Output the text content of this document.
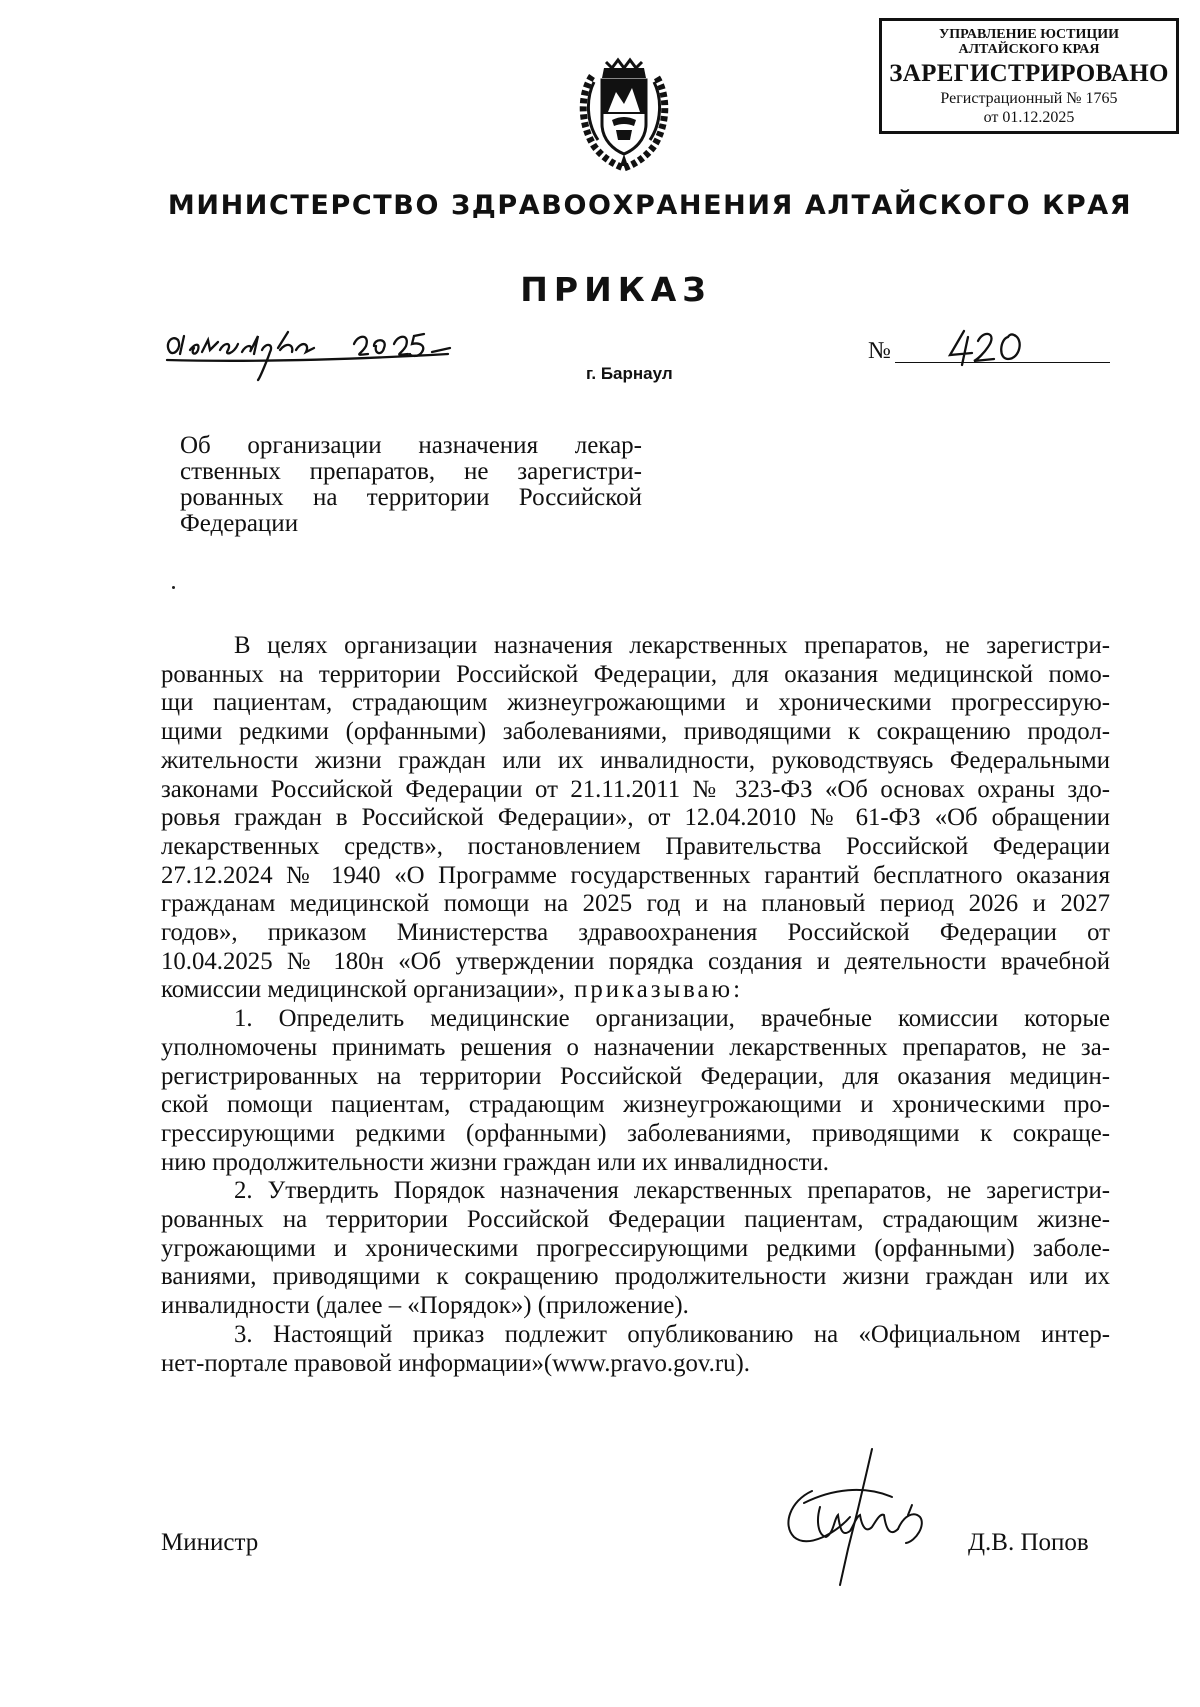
УПРАВЛЕНИЕ ЮСТИЦИИ
АЛТАЙСКОГО КРАЯ
ЗАРЕГИСТРИРОВАНО
Регистрационный № 1765
от 01.12.2025
МИНИСТЕРСТВО ЗДРАВООХРАНЕНИЯ АЛТАЙСКОГО КРАЯ
ПРИКАЗ
г. Барнаул
№
Об организации назначения лекар-
ственных препаратов, не зарегистри-
рованных на территории Российской
Федерации
В целях организации назначения лекарственных препаратов, не зарегистри-
рованных на территории Российской Федерации, для оказания медицинской помо-
щи пациентам, страдающим жизнеугрожающими и хроническими прогрессирую-
щими редкими (орфанными) заболеваниями, приводящими к сокращению продол-
жительности жизни граждан или их инвалидности, руководствуясь Федеральными
законами Российской Федерации от 21.11.2011 № 323-ФЗ «Об основах охраны здо-
ровья граждан в Российской Федерации», от 12.04.2010 № 61-ФЗ «Об обращении
лекарственных средств», постановлением Правительства Российской Федерации
27.12.2024 № 1940 «О Программе государственных гарантий бесплатного оказания
гражданам медицинской помощи на 2025 год и на плановый период 2026 и 2027
годов», приказом Министерства здравоохранения Российской Федерации от
10.04.2025 № 180н «Об утверждении порядка создания и деятельности врачебной
комиссии медицинской организации», приказываю:
1. Определить медицинские организации, врачебные комиссии которые
уполномочены принимать решения о назначении лекарственных препаратов, не за-
регистрированных на территории Российской Федерации, для оказания медицин-
ской помощи пациентам, страдающим жизнеугрожающими и хроническими про-
грессирующими редкими (орфанными) заболеваниями, приводящими к сокраще-
нию продолжительности жизни граждан или их инвалидности.
2. Утвердить Порядок назначения лекарственных препаратов, не зарегистри-
рованных на территории Российской Федерации пациентам, страдающим жизне-
угрожающими и хроническими прогрессирующими редкими (орфанными) заболе-
ваниями, приводящими к сокращению продолжительности жизни граждан или их
инвалидности (далее – «Порядок») (приложение).
3. Настоящий приказ подлежит опубликованию на «Официальном интер-
нет-портале правовой информации»(www.pravo.gov.ru).
Министр	Д.В. Попов
